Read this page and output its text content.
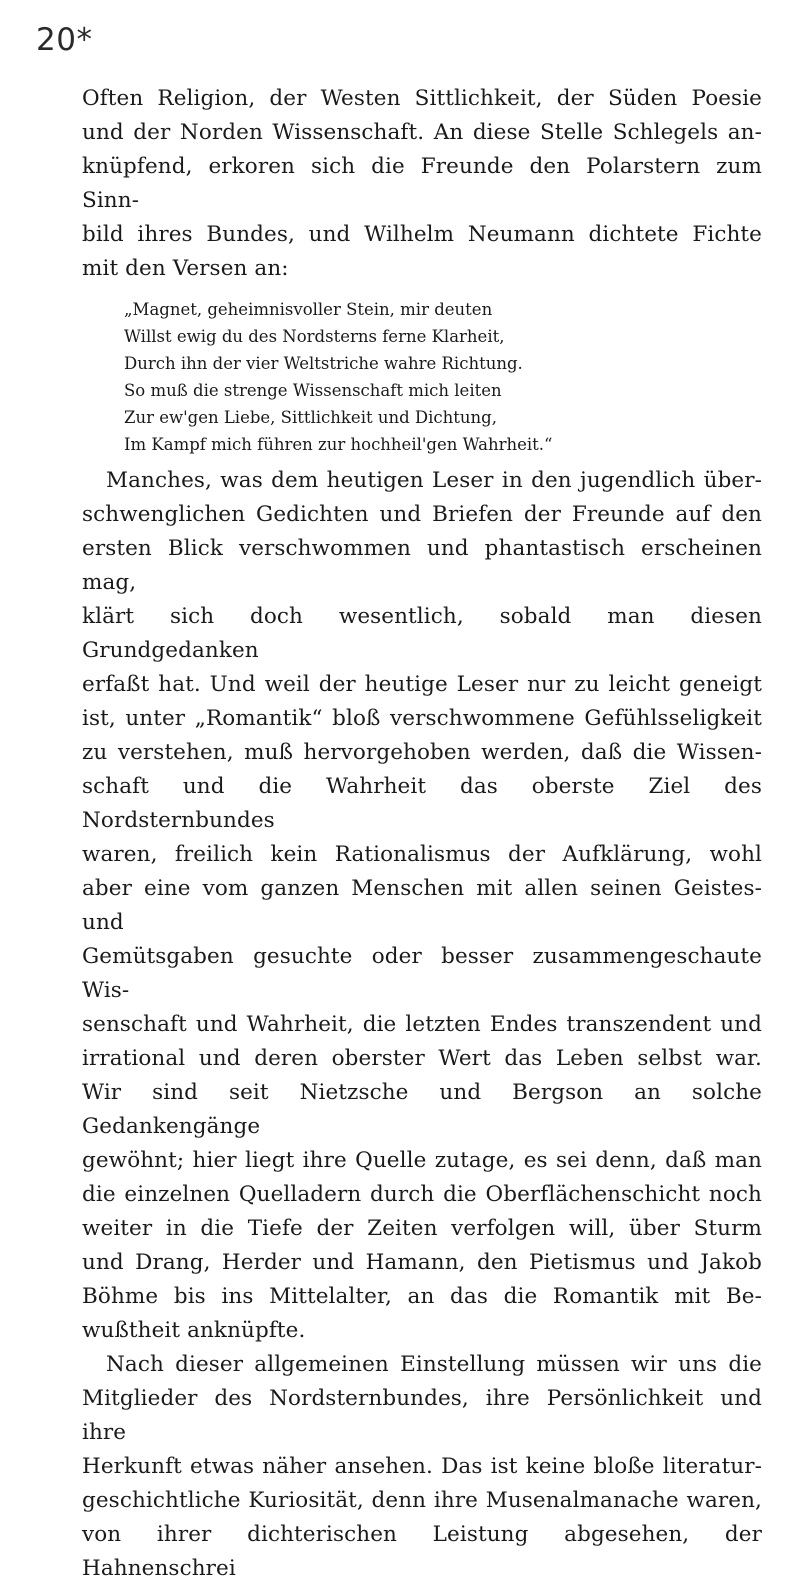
20*
Often Religion, der Westen Sittlichkeit, der Süden Poesie
und der Norden Wissenschaft. An diese Stelle Schlegels an-
knüpfend, erkoren sich die Freunde den Polarstern zum Sinn-
bild ihres Bundes, und Wilhelm Neumann dichtete Fichte
mit den Versen an:
„Magnet, geheimnisvoller Stein, mir deuten
Willst ewig du des Nordsterns ferne Klarheit,
Durch ihn der vier Weltstriche wahre Richtung.
So muß die strenge Wissenschaft mich leiten
Zur ew'gen Liebe, Sittlichkeit und Dichtung,
Im Kampf mich führen zur hochheil'gen Wahrheit.“
Manches, was dem heutigen Leser in den jugendlich über-
schwenglichen Gedichten und Briefen der Freunde auf den
ersten Blick verschwommen und phantastisch erscheinen mag,
klärt sich doch wesentlich, sobald man diesen Grundgedanken
erfaßt hat. Und weil der heutige Leser nur zu leicht geneigt
ist, unter „Romantik“ bloß verschwommene Gefühlsseligkeit
zu verstehen, muß hervorgehoben werden, daß die Wissen-
schaft und die Wahrheit das oberste Ziel des Nordsternbundes
waren, freilich kein Rationalismus der Aufklärung, wohl
aber eine vom ganzen Menschen mit allen seinen Geistes- und
Gemütsgaben gesuchte oder besser zusammengeschaute Wis-
senschaft und Wahrheit, die letzten Endes transzendent und
irrational und deren oberster Wert das Leben selbst war.
Wir sind seit Nietzsche und Bergson an solche Gedankengänge
gewöhnt; hier liegt ihre Quelle zutage, es sei denn, daß man
die einzelnen Quelladern durch die Oberflächenschicht noch
weiter in die Tiefe der Zeiten verfolgen will, über Sturm
und Drang, Herder und Hamann, den Pietismus und Jakob
Böhme bis ins Mittelalter, an das die Romantik mit Be-
wußtheit anknüpfte.
Nach dieser allgemeinen Einstellung müssen wir uns die
Mitglieder des Nordsternbundes, ihre Persönlichkeit und ihre
Herkunft etwas näher ansehen. Das ist keine bloße literatur-
geschichtliche Kuriosität, denn ihre Musenalmanache waren,
von ihrer dichterischen Leistung abgesehen, der Hahnenschrei
